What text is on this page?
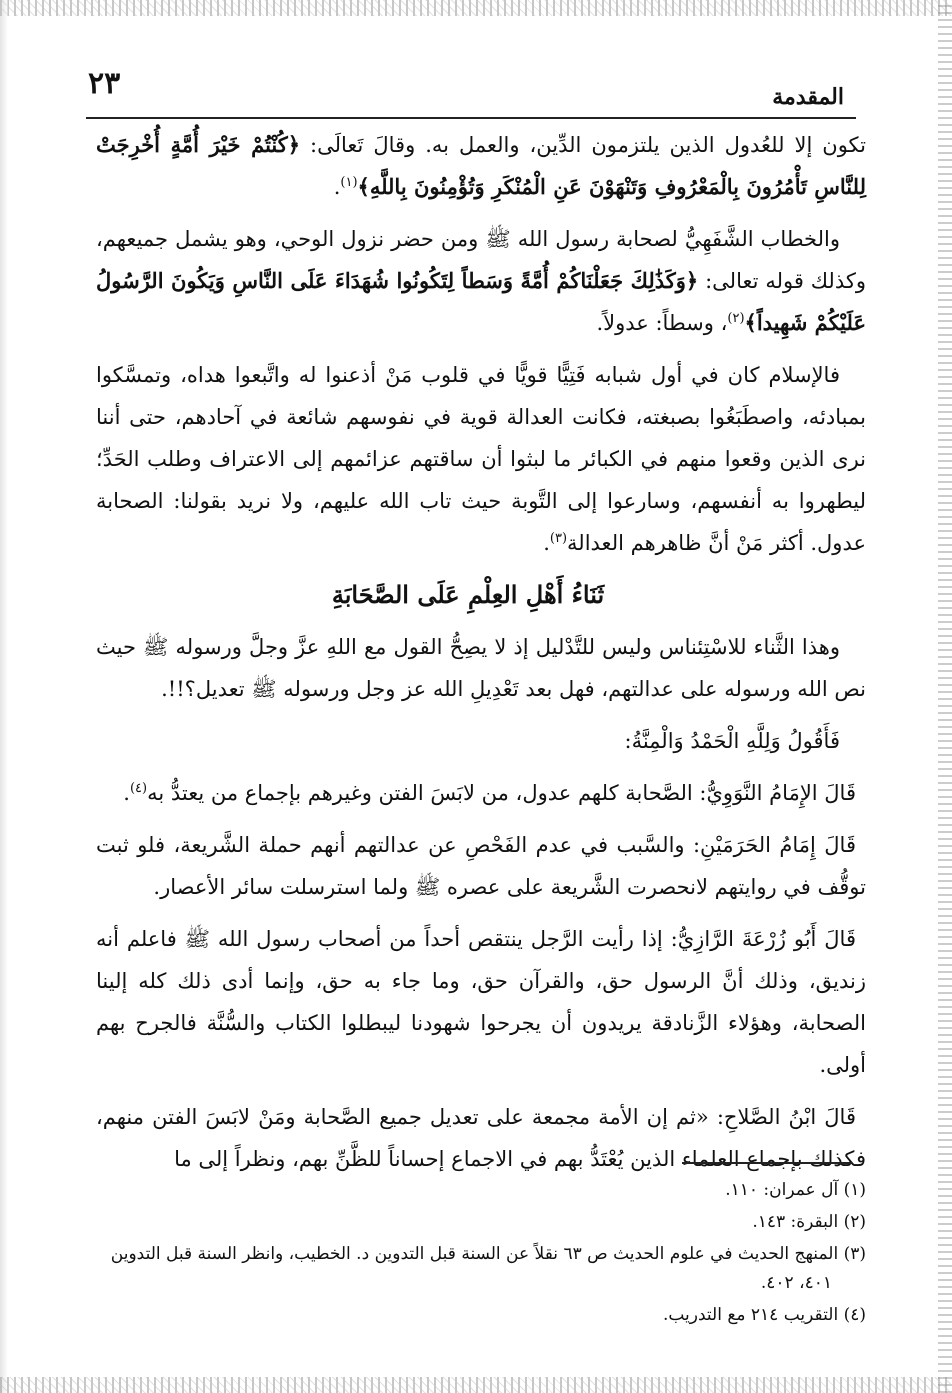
٢٣	المقدمة

تكون إلا للعُدول الذين يلتزمون الدِّين، والعمل به. وقالَ تَعالَى: ﴿كُنْتُمْ خَيْرَ أُمَّةٍ أُخْرِجَتْ لِلنَّاسِ تَأْمُرُونَ بِالْمَعْرُوفِ وَتَنْهَوْنَ عَنِ الْمُنْكَرِ وَتُؤْمِنُونَ بِاللَّهِ﴾$^{(١)}$.

والخطاب الشَّفَهِيُّ لصحابة رسول الله ﷺ ومن حضر نزول الوحي، وهو يشمل جميعهم، وكذلك قوله تعالى: ﴿وَكَذَٰلِكَ جَعَلْنَاكُمْ أُمَّةً وَسَطاً لِتَكُونُوا شُهَدَاءَ عَلَى النَّاسِ وَيَكُونَ الرَّسُولُ عَلَيْكُمْ شَهِيداً﴾$^{(٢)}$، وسطاً: عدولاً.

فالإسلام كان في أول شبابه فَتِيًّا قويًّا في قلوب مَنْ أذعنوا له واتَّبعوا هداه، وتمسَّكوا بمبادئه، واصطَبَغُوا بصبغته، فكانت العدالة قوية في نفوسهم شائعة في آحادهم، حتى أننا نرى الذين وقعوا منهم في الكبائر ما لبثوا أن ساقتهم عزائمهم إلى الاعتراف وطلب الحَدِّ؛ ليطهروا به أنفسهم، وسارعوا إلى التَّوبة حيث تاب الله عليهم، ولا نريد بقولنا: الصحابة عدول. أكثر مَنْ أنَّ ظاهرهم العدالة$^{(٣)}$.

ثَنَاءُ أَهْلِ العِلْمِ عَلَى الصَّحَابَةِ

وهذا الثَّناء للاسْتِئناس وليس للتَّدْليل إذ لا يصِحُّ القول مع اللهِ عزَّ وجلَّ ورسوله ﷺ حيث نص الله ورسوله على عدالتهم، فهل بعد تَعْدِيلِ الله عز وجل ورسوله ﷺ تعديل؟!!.

فَأَقُولُ وَلِلَّهِ الْحَمْدُ وَالْمِنَّةُ:

قَالَ الإِمَامُ النَّوَوِيُّ: الصَّحابة كلهم عدول، من لابَسَ الفتن وغيرهم بإجماع من يعتدُّ به$^{(٤)}$.

قَالَ إِمَامُ الحَرَمَيْنِ: والسَّبب في عدم الفَحْصِ عن عدالتهم أنهم حملة الشَّريعة، فلو ثبت توقُّف في روايتهم لانحصرت الشَّريعة على عصره ﷺ ولما استرسلت سائر الأعصار.

قَالَ أَبُو زُرْعَةَ الرَّازِيُّ: إذا رأيت الرَّجل ينتقص أحداً من أصحاب رسول الله ﷺ فاعلم أنه زنديق، وذلك أنَّ الرسول حق، والقرآن حق، وما جاء به حق، وإنما أدى ذلك كله إلينا الصحابة، وهؤلاء الزَّنادقة يريدون أن يجرحوا شهودنا ليبطلوا الكتاب والسُّنَّة فالجرح بهم أولى.

قَالَ ابْنُ الصَّلاحِ: «ثم إن الأمة مجمعة على تعديل جميع الصَّحابة ومَنْ لابَسَ الفتن منهم، فكذلك بإجماع العلماء الذين يُعْتَدُّ بهم في الاجماع إحساناً للظَّنِّ بهم، ونظراً إلى ما

(١) آل عمران: ١١٠.

(٢) البقرة: ١٤٣.

(٣) المنهج الحديث في علوم الحديث ص ٦٣ نقلاً عن السنة قبل التدوين د. الخطيب، وانظر السنة قبل التدوين ٤٠١، ٤٠٢.

(٤) التقريب ٢١٤ مع التدريب.
